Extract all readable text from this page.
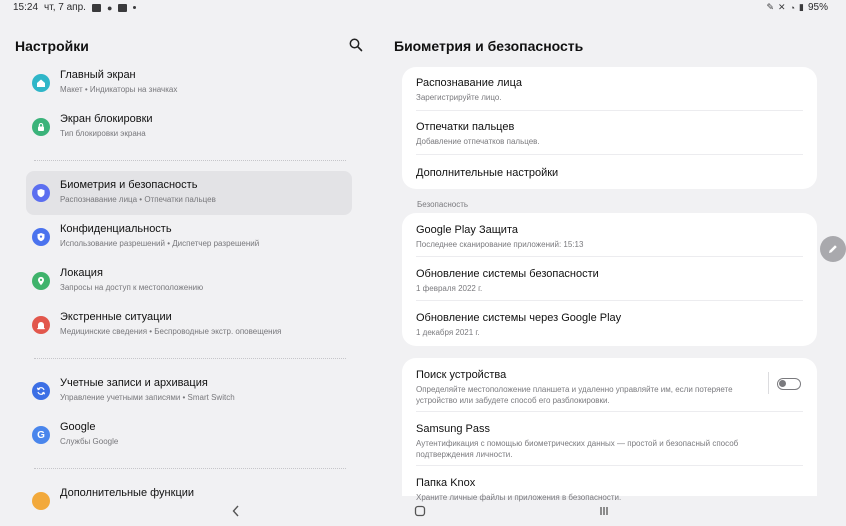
15:24 чт, 7 апр. ●	✎ ✕ ◔ ▮ 95%
Настройки
Главный экран
Макет • Индикаторы на значках
Экран блокировки
Тип блокировки экрана
Биометрия и безопасность
Распознавание лица • Отпечатки пальцев
Конфиденциальность
Использование разрешений • Диспетчер разрешений
Локация
Запросы на доступ к местоположению
Экстренные ситуации
Медицинские сведения • Беспроводные экстр. оповещения
Учетные записи и архивация
Управление учетными записями • Smart Switch
G
Google
Службы Google
Дополнительные функции
Биометрия и безопасность
Распознавание лица
Зарегистрируйте лицо.
Отпечатки пальцев
Добавление отпечатков пальцев.
Дополнительные настройки
Безопасность
Google Play Защита
Последнее сканирование приложений: 15:13
Обновление системы безопасности
1 февраля 2022 г.
Обновление системы через Google Play
1 декабря 2021 г.
Поиск устройства
Определяйте местоположение планшета и удаленно управляйте им, если потеряете устройство или забудете способ его разблокировки.
Samsung Pass
Аутентификация с помощью биометрических данных — простой и безопасный способ подтверждения личности.
Папка Knox
Храните личные файлы и приложения в безопасности.
